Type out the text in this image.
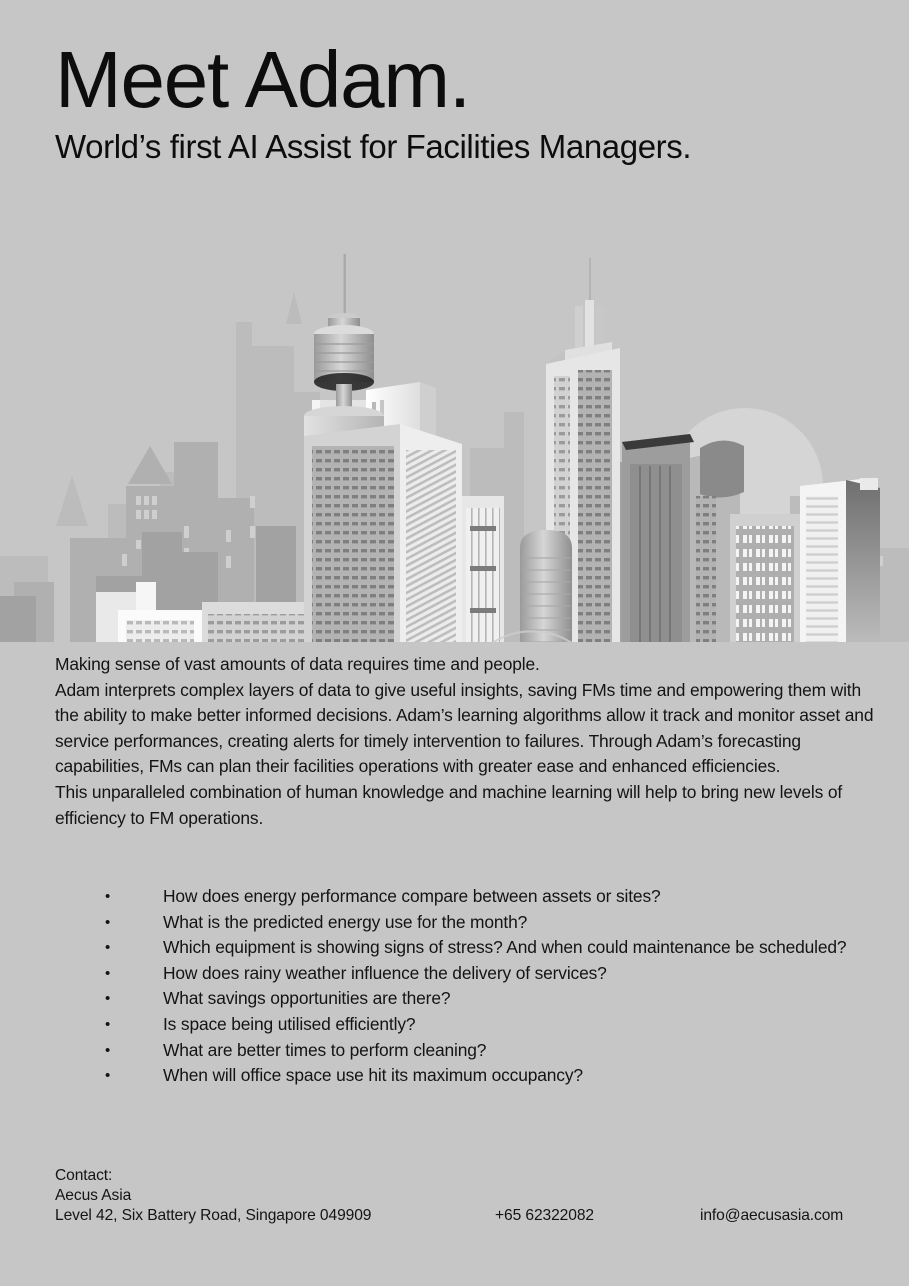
Meet Adam.
World’s first AI Assist for Facilities Managers.

Making sense of vast amounts of data requires time and people.

Adam interprets complex layers of data to give useful insights, saving FMs time and empowering them with the ability to make better informed decisions. Adam’s learning algorithms allow it track and monitor asset and service performances, creating alerts for timely intervention to failures. Through Adam’s forecasting capabilities, FMs can plan their facilities operations with greater ease and enhanced efficiencies.

This unparalleled combination of human knowledge and machine learning will help to bring new levels of efficiency to FM operations.

•	How does energy performance compare between assets or sites?
•	What is the predicted energy use for the month?
•	Which equipment is showing signs of stress? And when could maintenance be scheduled?
•	How does rainy weather influence the delivery of services?
•	What savings opportunities are there?
•	Is space being utilised efficiently?
•	What are better times to perform cleaning?
•	When will office space use hit its maximum occupancy?

Contact:

Aecus Asia

Level 42, Six Battery Road, Singapore 049909	+65 62322082	info@aecusasia.com
